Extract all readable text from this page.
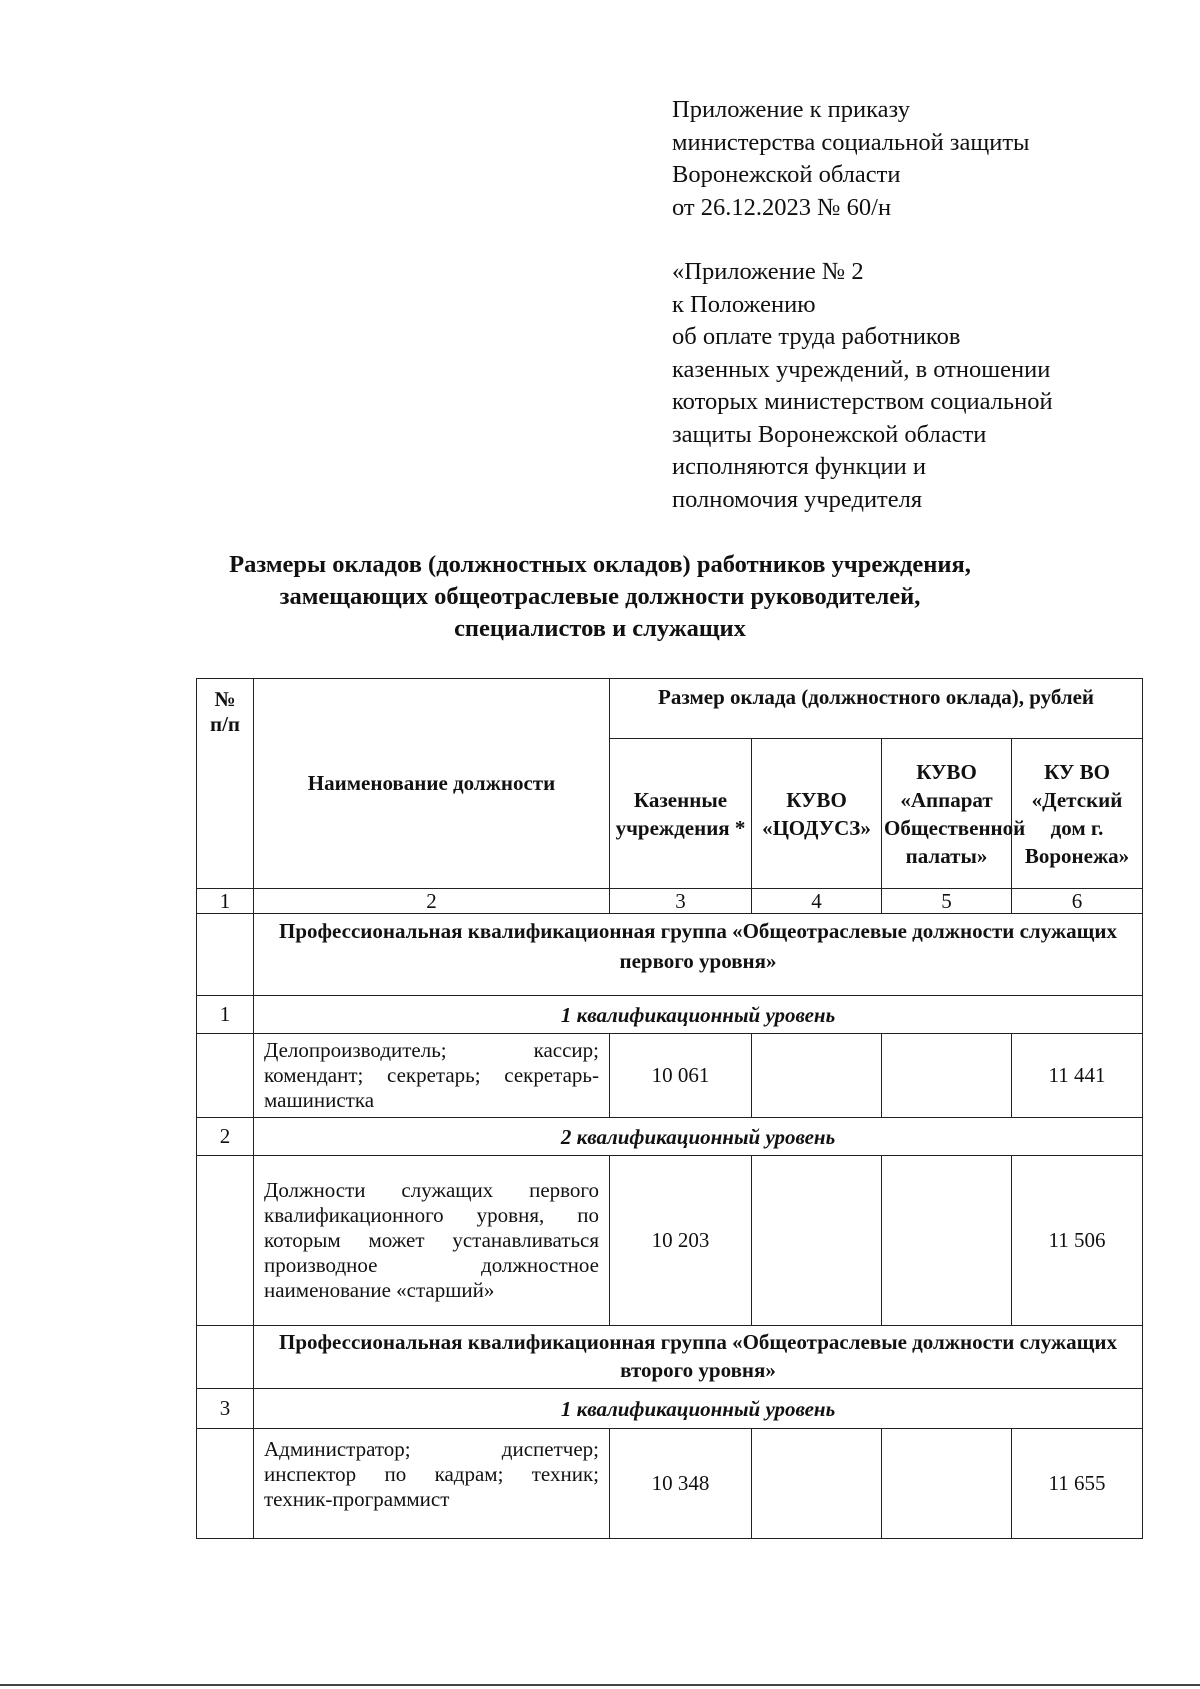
Приложение к приказу
министерства социальной защиты
Воронежской области
от 26.12.2023 № 60/н
«Приложение № 2
к Положению
об оплате труда работников
казенных учреждений, в отношении
которых министерством социальной
защиты Воронежской области
исполняются функции и
полномочия учредителя
Размеры окладов (должностных окладов) работников учреждения,
замещающих общеотраслевые должности руководителей,
специалистов и служащих
№ п/п	Наименование должности	Размер оклада (должностного оклада), рублей			
		Казенные учреждения *	КУВО «ЦОДУСЗ»	КУВО «Аппарат Общественной палаты»	КУ ВО «Детский дом г. Воронежа»
1	2	3	4	5	6
	Профессиональная квалификационная группа «Общеотраслевые должности служащих первого уровня»				
1	1 квалификационный уровень				
	Делопроизводитель; кассир; комендант; секретарь; секретарь- машинистка	10 061			11 441
2	2 квалификационный уровень				
	Должности служащих первого квалификационного уровня, по которым может устанавливаться производное должностное наименование «старший»	10 203			11 506
	Профессиональная квалификационная группа «Общеотраслевые должности служащих второго уровня»				
3	1 квалификационный уровень				
	Администратор; диспетчер; инспектор по кадрам; техник; техник-программист	10 348			11 655
